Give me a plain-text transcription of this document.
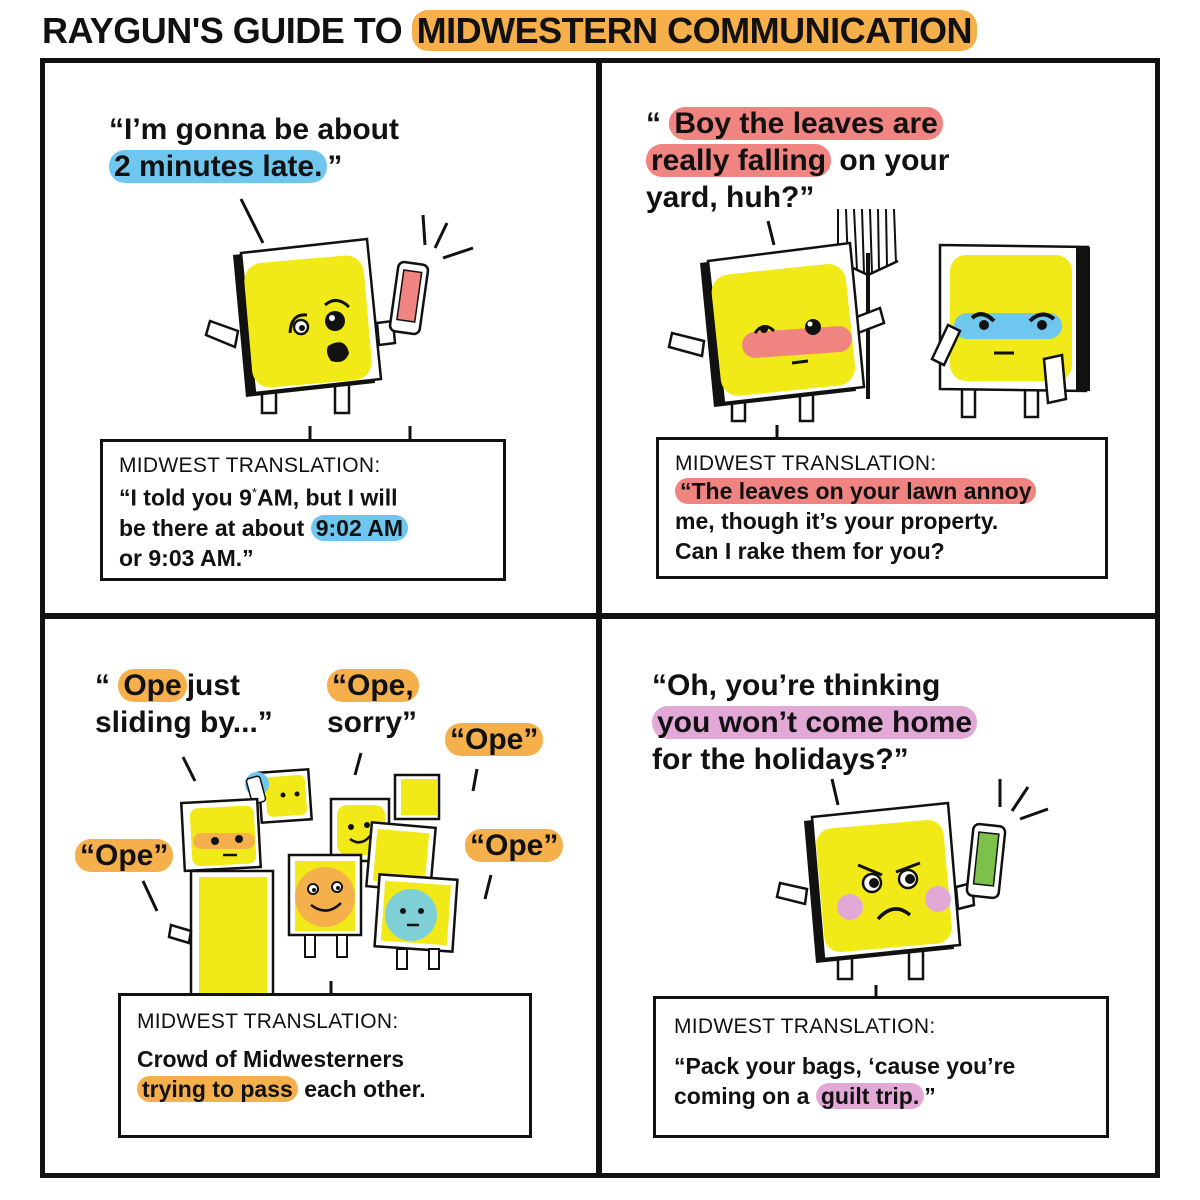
RAYGUN'S GUIDE TO MIDWESTERN COMMUNICATION
“I’m gonna be about
2 minutes late. ”
MIDWEST TRANSLATION:
“I told you 9*AM, but I will
be there at about 9:02 AM
or 9:03 AM.”
“ Boy the leaves are
really falling on your
yard, huh?”
MIDWEST TRANSLATION:
“The leaves on your lawn annoy
me, though it’s your property.
Can I rake them for you?
“ Ope just
sliding by...”
“Ope,
sorry”
“Ope”
“Ope”	“Ope”
MIDWEST TRANSLATION:
Crowd of Midwesterners
trying to pass each other.
“Oh, you’re thinking
you won’t come home
for the holidays?”
MIDWEST TRANSLATION:
“Pack your bags, ‘cause you’re
coming on a guilt trip. ”
